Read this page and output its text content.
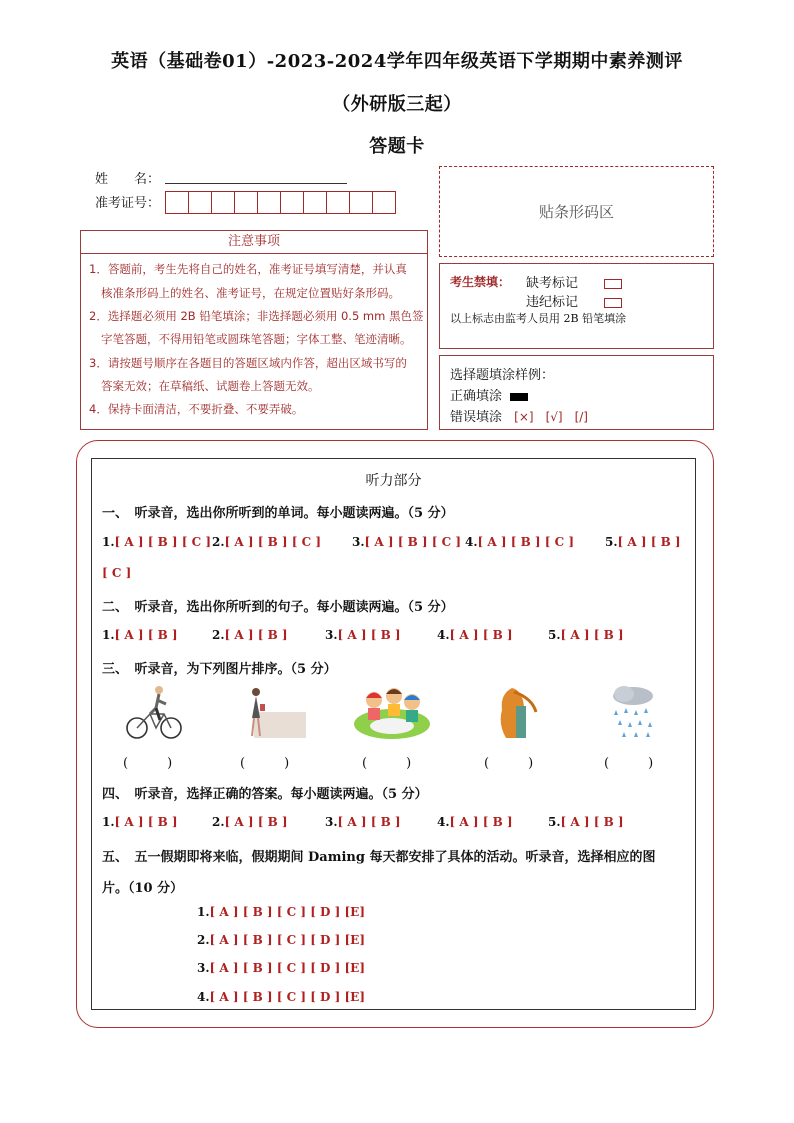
英语（基础卷01）-2023-2024学年四年级英语下学期期中素养测评
（外研版三起）
答题卡
姓　　名：
准考证号：	贴条形码区
注意事项
1．答题前，考生先将自己的姓名，准考证号填写清楚，并认真
核准条形码上的姓名、准考证号，在规定位置贴好条形码。
2．选择题必须用 2B 铅笔填涂；非选择题必须用 0.5 mm 黑色签
字笔答题，不得用铅笔或圆珠笔答题；字体工整、笔迹清晰。
3．请按题号顺序在各题目的答题区域内作答，超出区域书写的
答案无效；在草稿纸、试题卷上答题无效。
4．保持卡面清洁，不要折叠、不要弄破。
考生禁填： 缺考标记
违纪标记
以上标志由监考人员用 2B 铅笔填涂
选择题填涂样例：
正确填涂
错误填涂 [×]　[√]　[/]
听力部分
一、　听录音，选出你所听到的单词。每小题读两遍。（5 分）
1.[ A ] [ B ] [ C ] 2.[ A ] [ B ] [ C ]	3.[ A ] [ B ] [ C ] 4.[ A ] [ B ] [ C ]	5.[ A ] [ B ]
[ C ]
二、　听录音，选出你所听到的句子。每小题读两遍。（5 分）
1.[ A ] [ B ]	2.[ A ] [ B ]	3.[ A ] [ B ]	4.[ A ] [ B ]	5.[ A ] [ B ]
三、　听录音，为下列图片排序。（5 分）
(　　　)	(　　　)	(　　　)	(　　　)	(　　　)
四、　听录音，选择正确的答案。每小题读两遍。（5 分）
1.[ A ] [ B ]	2.[ A ] [ B ]	3.[ A ] [ B ]	4.[ A ] [ B ]	5.[ A ] [ B ]
五、　五一假期即将来临，假期期间 Daming 每天都安排了具体的活动。听录音，选择相应的图
片。（10 分）
1.[ A ] [ B ] [ C ] [ D ] [E]
2.[ A ] [ B ] [ C ] [ D ] [E]
3.[ A ] [ B ] [ C ] [ D ] [E]
4.[ A ] [ B ] [ C ] [ D ] [E]
